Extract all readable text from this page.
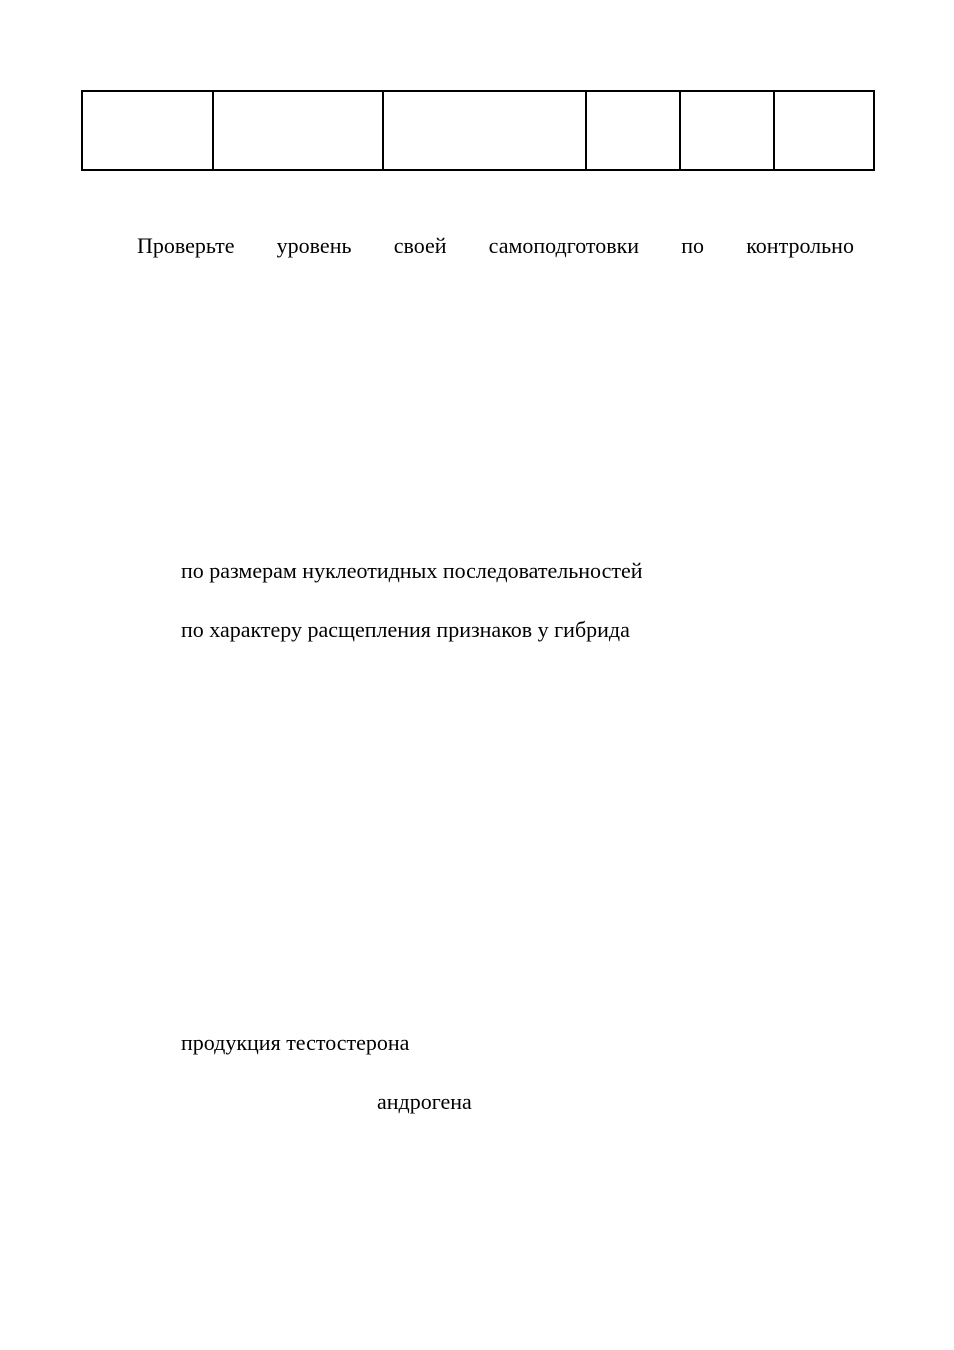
Проверьте уровень своей самоподготовки по контрольно
по размерам нуклеотидных последовательностей
по характеру расщепления признаков у гибрида
продукция тестостерона
андрогена
